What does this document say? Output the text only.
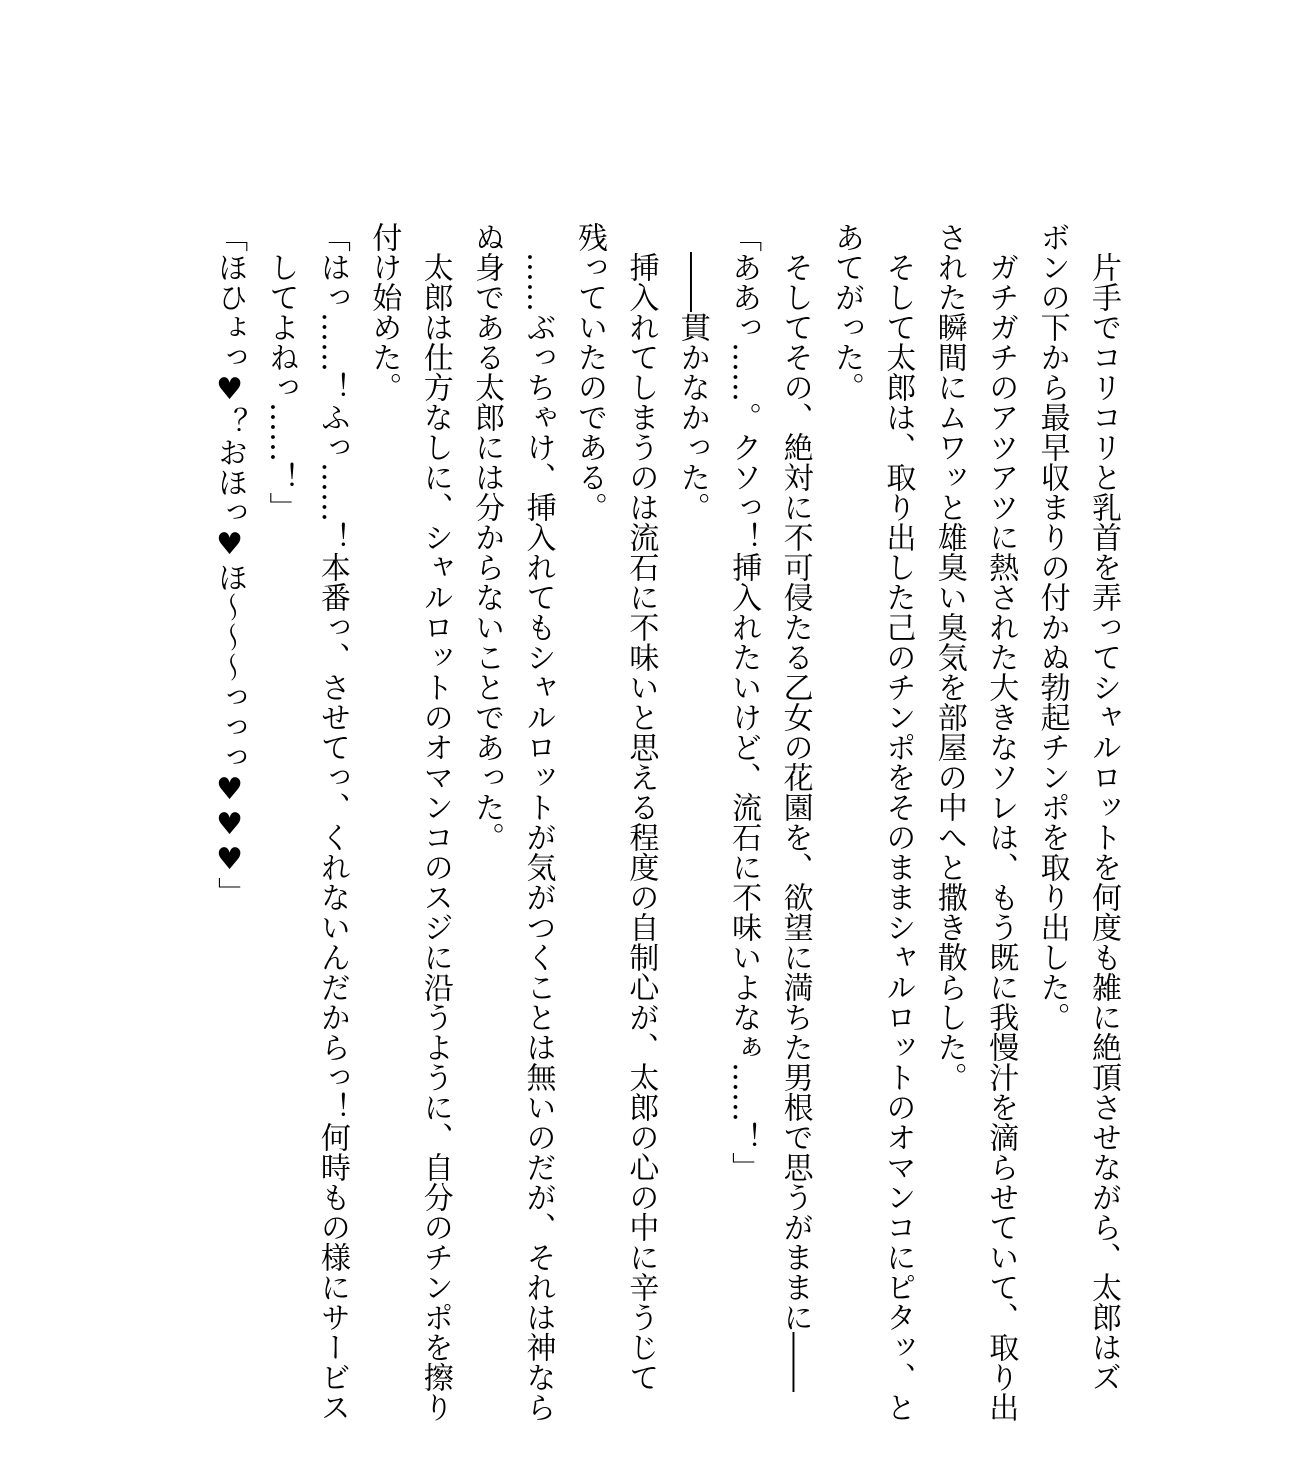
片手でコリコリと乳首を弄ってシャルロットを何度も雑に絶頂させながら、太郎はズ
ボンの下から最早収まりの付かぬ勃起チンポを取り出した。
ガチガチのアツアツに熱された大きなソレは、もう既に我慢汁を滴らせていて、取り出
された瞬間にムワッと雄臭い臭気を部屋の中へと撒き散らした。
そして太郎は、取り出した己のチンポをそのままシャルロットのオマンコにピタッ、と
あてがった。
そしてその、絶対に不可侵たる乙女の花園を、欲望に満ちた男根で思うがままに――
「ああっ……。クソっ！挿入れたいけど、流石に不味いよなぁ……！」
――貫かなかった。
挿入れてしまうのは流石に不味いと思える程度の自制心が、太郎の心の中に辛うじて
残っていたのである。
……ぶっちゃけ、挿入れてもシャルロットが気がつくことは無いのだが、それは神なら
ぬ身である太郎には分からないことであった。
太郎は仕方なしに、シャルロットのオマンコのスジに沿うように、自分のチンポを擦り
付け始めた。
「はっ……！ふっ……！本番っ、させてっ、くれないんだからっ！何時もの様にサービス
してよねっ……！」
「ほひょっ♥？おほっ♥ほ～～～っっっ♥♥♥」
